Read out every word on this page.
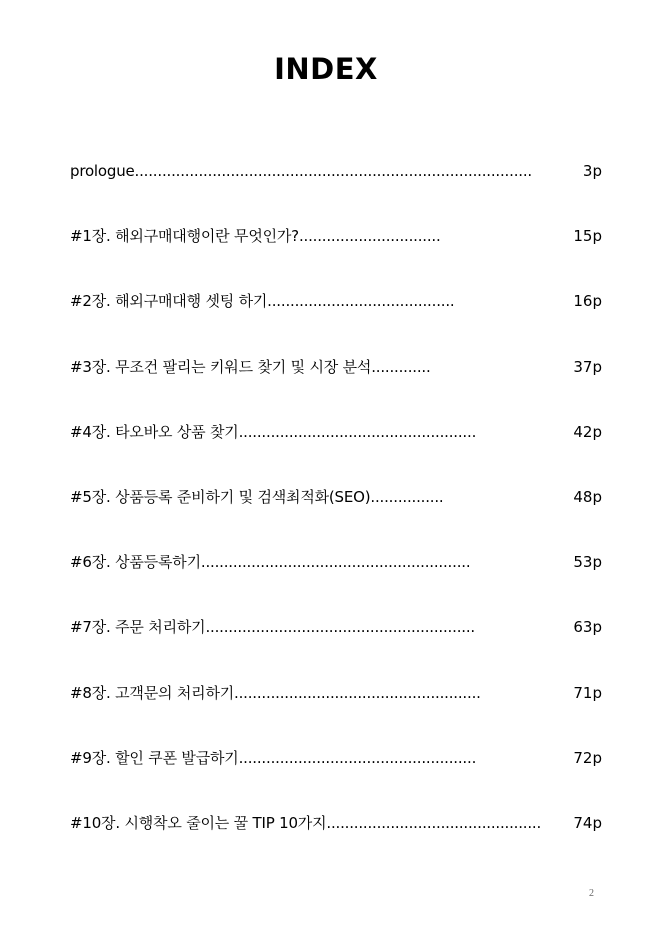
INDEX
prologue.......................................................................................	3p
#1장. 해외구매대행이란 무엇인가?...............................	15p
#2장. 해외구매대행 셋팅 하기.........................................	16p
#3장. 무조건 팔리는 키워드 찾기 및 시장 분석.............	37p
#4장. 타오바오 상품 찾기....................................................	42p
#5장. 상품등록 준비하기 및 검색최적화(SEO)................	48p
#6장. 상품등록하기...........................................................	53p
#7장. 주문 처리하기...........................................................	63p
#8장. 고객문의 처리하기......................................................	71p
#9장. 할인 쿠폰 발급하기....................................................	72p
#10장. 시행착오 줄이는 꿀 TIP 10가지............................................... 74p
2
